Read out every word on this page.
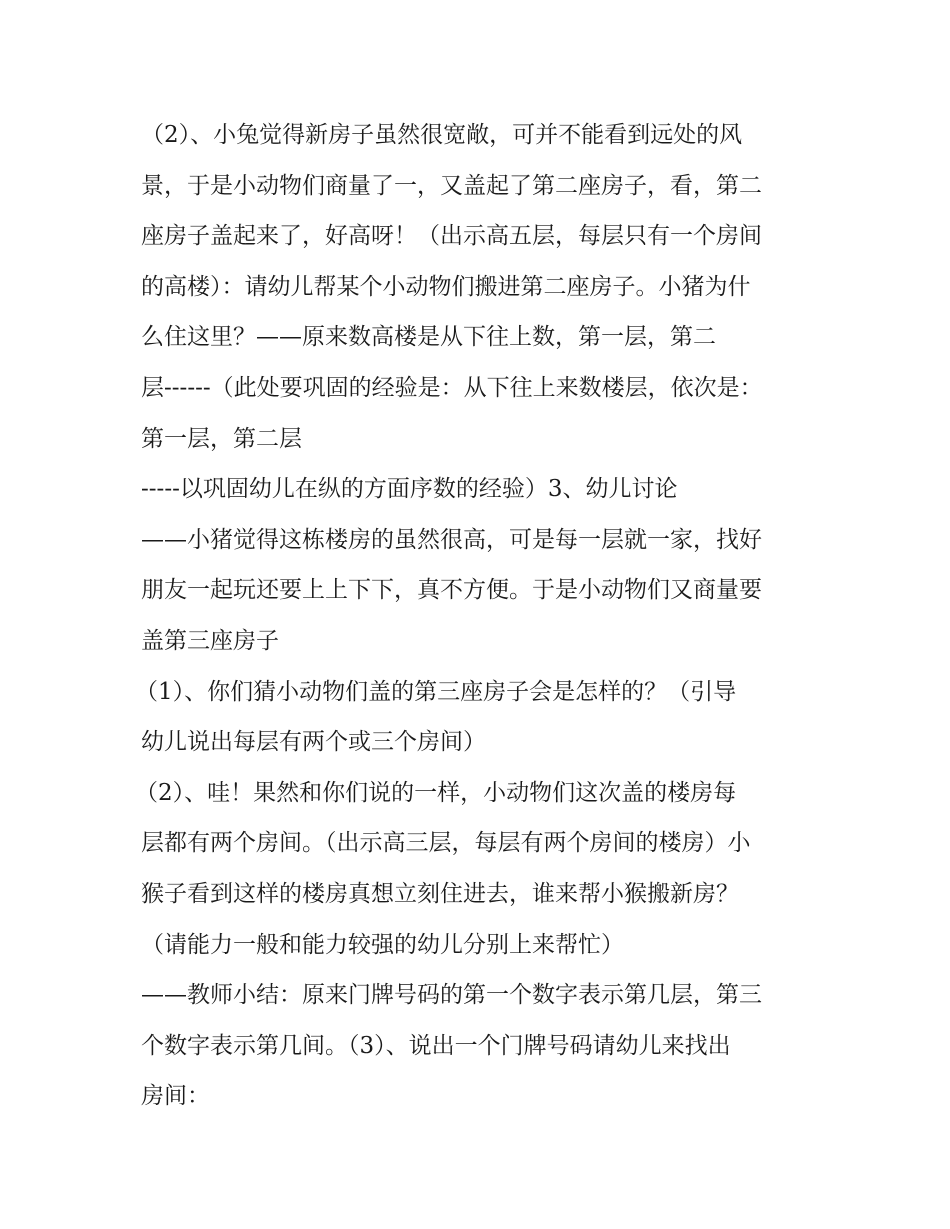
（2）、小兔觉得新房子虽然很宽敞，可并不能看到远处的风
景，于是小动物们商量了一，又盖起了第二座房子，看，第二
座房子盖起来了，好高呀！（出示高五层，每层只有一个房间
的高楼）：请幼儿帮某个小动物们搬进第二座房子。小猪为什
么住这里？——原来数高楼是从下往上数，第一层，第二
层------（此处要巩固的经验是：从下往上来数楼层，依次是：
第一层，第二层
-----以巩固幼儿在纵的方面序数的经验）3、幼儿讨论
——小猪觉得这栋楼房的虽然很高，可是每一层就一家，找好
朋友一起玩还要上上下下，真不方便。于是小动物们又商量要
盖第三座房子
（1）、你们猜小动物们盖的第三座房子会是怎样的？（引导
幼儿说出每层有两个或三个房间）
（2）、哇！果然和你们说的一样，小动物们这次盖的楼房每
层都有两个房间。（出示高三层，每层有两个房间的楼房）小
猴子看到这样的楼房真想立刻住进去，谁来帮小猴搬新房？
（请能力一般和能力较强的幼儿分别上来帮忙）
——教师小结：原来门牌号码的第一个数字表示第几层，第三
个数字表示第几间。（3）、说出一个门牌号码请幼儿来找出
房间：
